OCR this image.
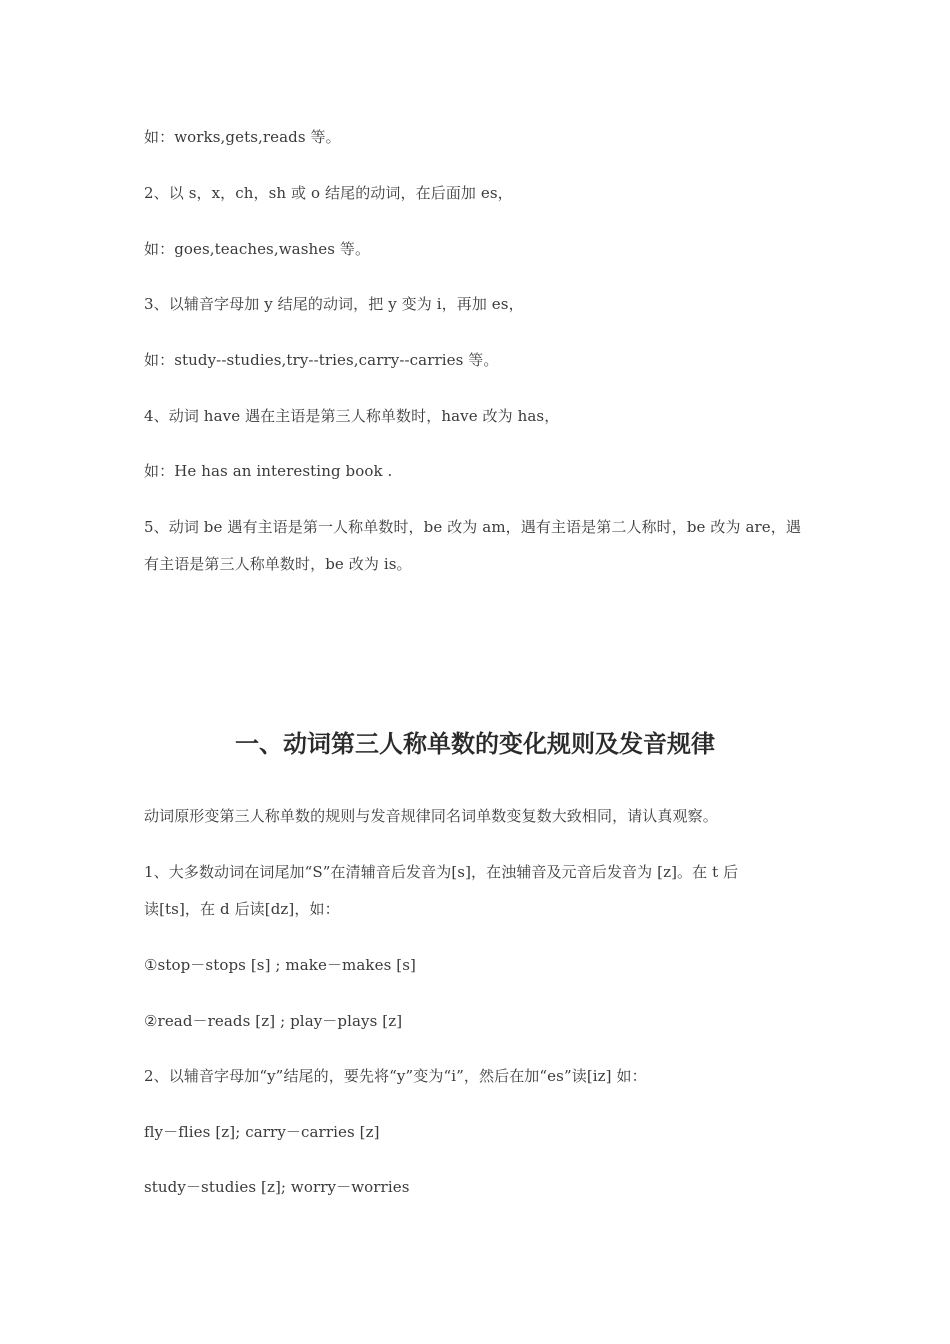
如：works,gets,reads 等。
2、以 s，x，ch，sh 或 o 结尾的动词，在后面加 es，
如：goes,teaches,washes 等。
3、以辅音字母加 y 结尾的动词，把 y 变为 i，再加 es，
如：study--studies,try--tries,carry--carries 等。
4、动词 have 遇在主语是第三人称单数时，have 改为 has，
如：He has an interesting book .
5、动词 be 遇有主语是第一人称单数时，be 改为 am，遇有主语是第二人称时，be 改为 are，遇
有主语是第三人称单数时，be 改为 is。
一、动词第三人称单数的变化规则及发音规律
动词原形变第三人称单数的规则与发音规律同名词单数变复数大致相同，请认真观察。
1、大多数动词在词尾加“S”在清辅音后发音为[s]，在浊辅音及元音后发音为 [z]。在 t 后
读[ts]，在 d 后读[dz]，如：
①stop－stops [s] ; make－makes [s]
②read－reads [z] ; play－plays [z]
2、以辅音字母加“y”结尾的，要先将“y”变为“i”，然后在加“es”读[iz] 如：
fly－flies [z]; carry－carries [z]
study－studies [z]; worry－worries
